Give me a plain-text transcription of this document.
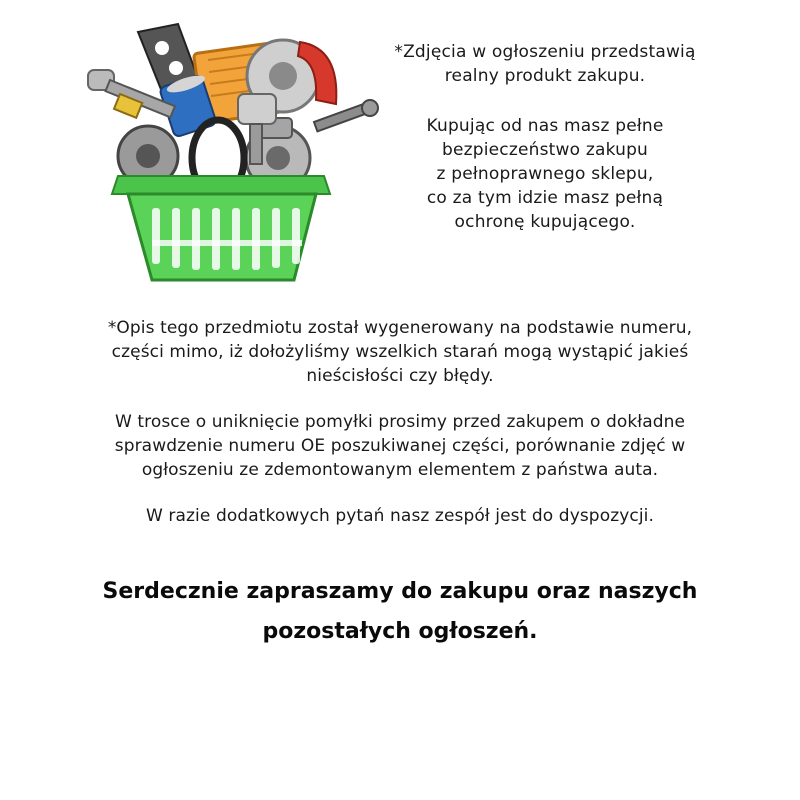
*Zdjęcia w ogłoszeniu przedstawią

realny produkt zakupu.

Kupując od nas masz pełne

bezpieczeństwo zakupu

z pełnoprawnego sklepu,

co za tym idzie masz pełną

ochronę kupującego.

*Opis tego przedmiotu został wygenerowany na podstawie numeru,

części mimo, iż dołożyliśmy wszelkich starań mogą wystąpić jakieś

nieścisłości czy błędy.

W trosce o uniknięcie pomyłki prosimy przed zakupem o dokładne

sprawdzenie numeru OE poszukiwanej części, porównanie zdjęć w

ogłoszeniu ze zdemontowanym elementem z państwa auta.

W razie dodatkowych pytań nasz zespół jest do dyspozycji.

Serdecznie zapraszamy do zakupu oraz naszych

pozostałych ogłoszeń.
